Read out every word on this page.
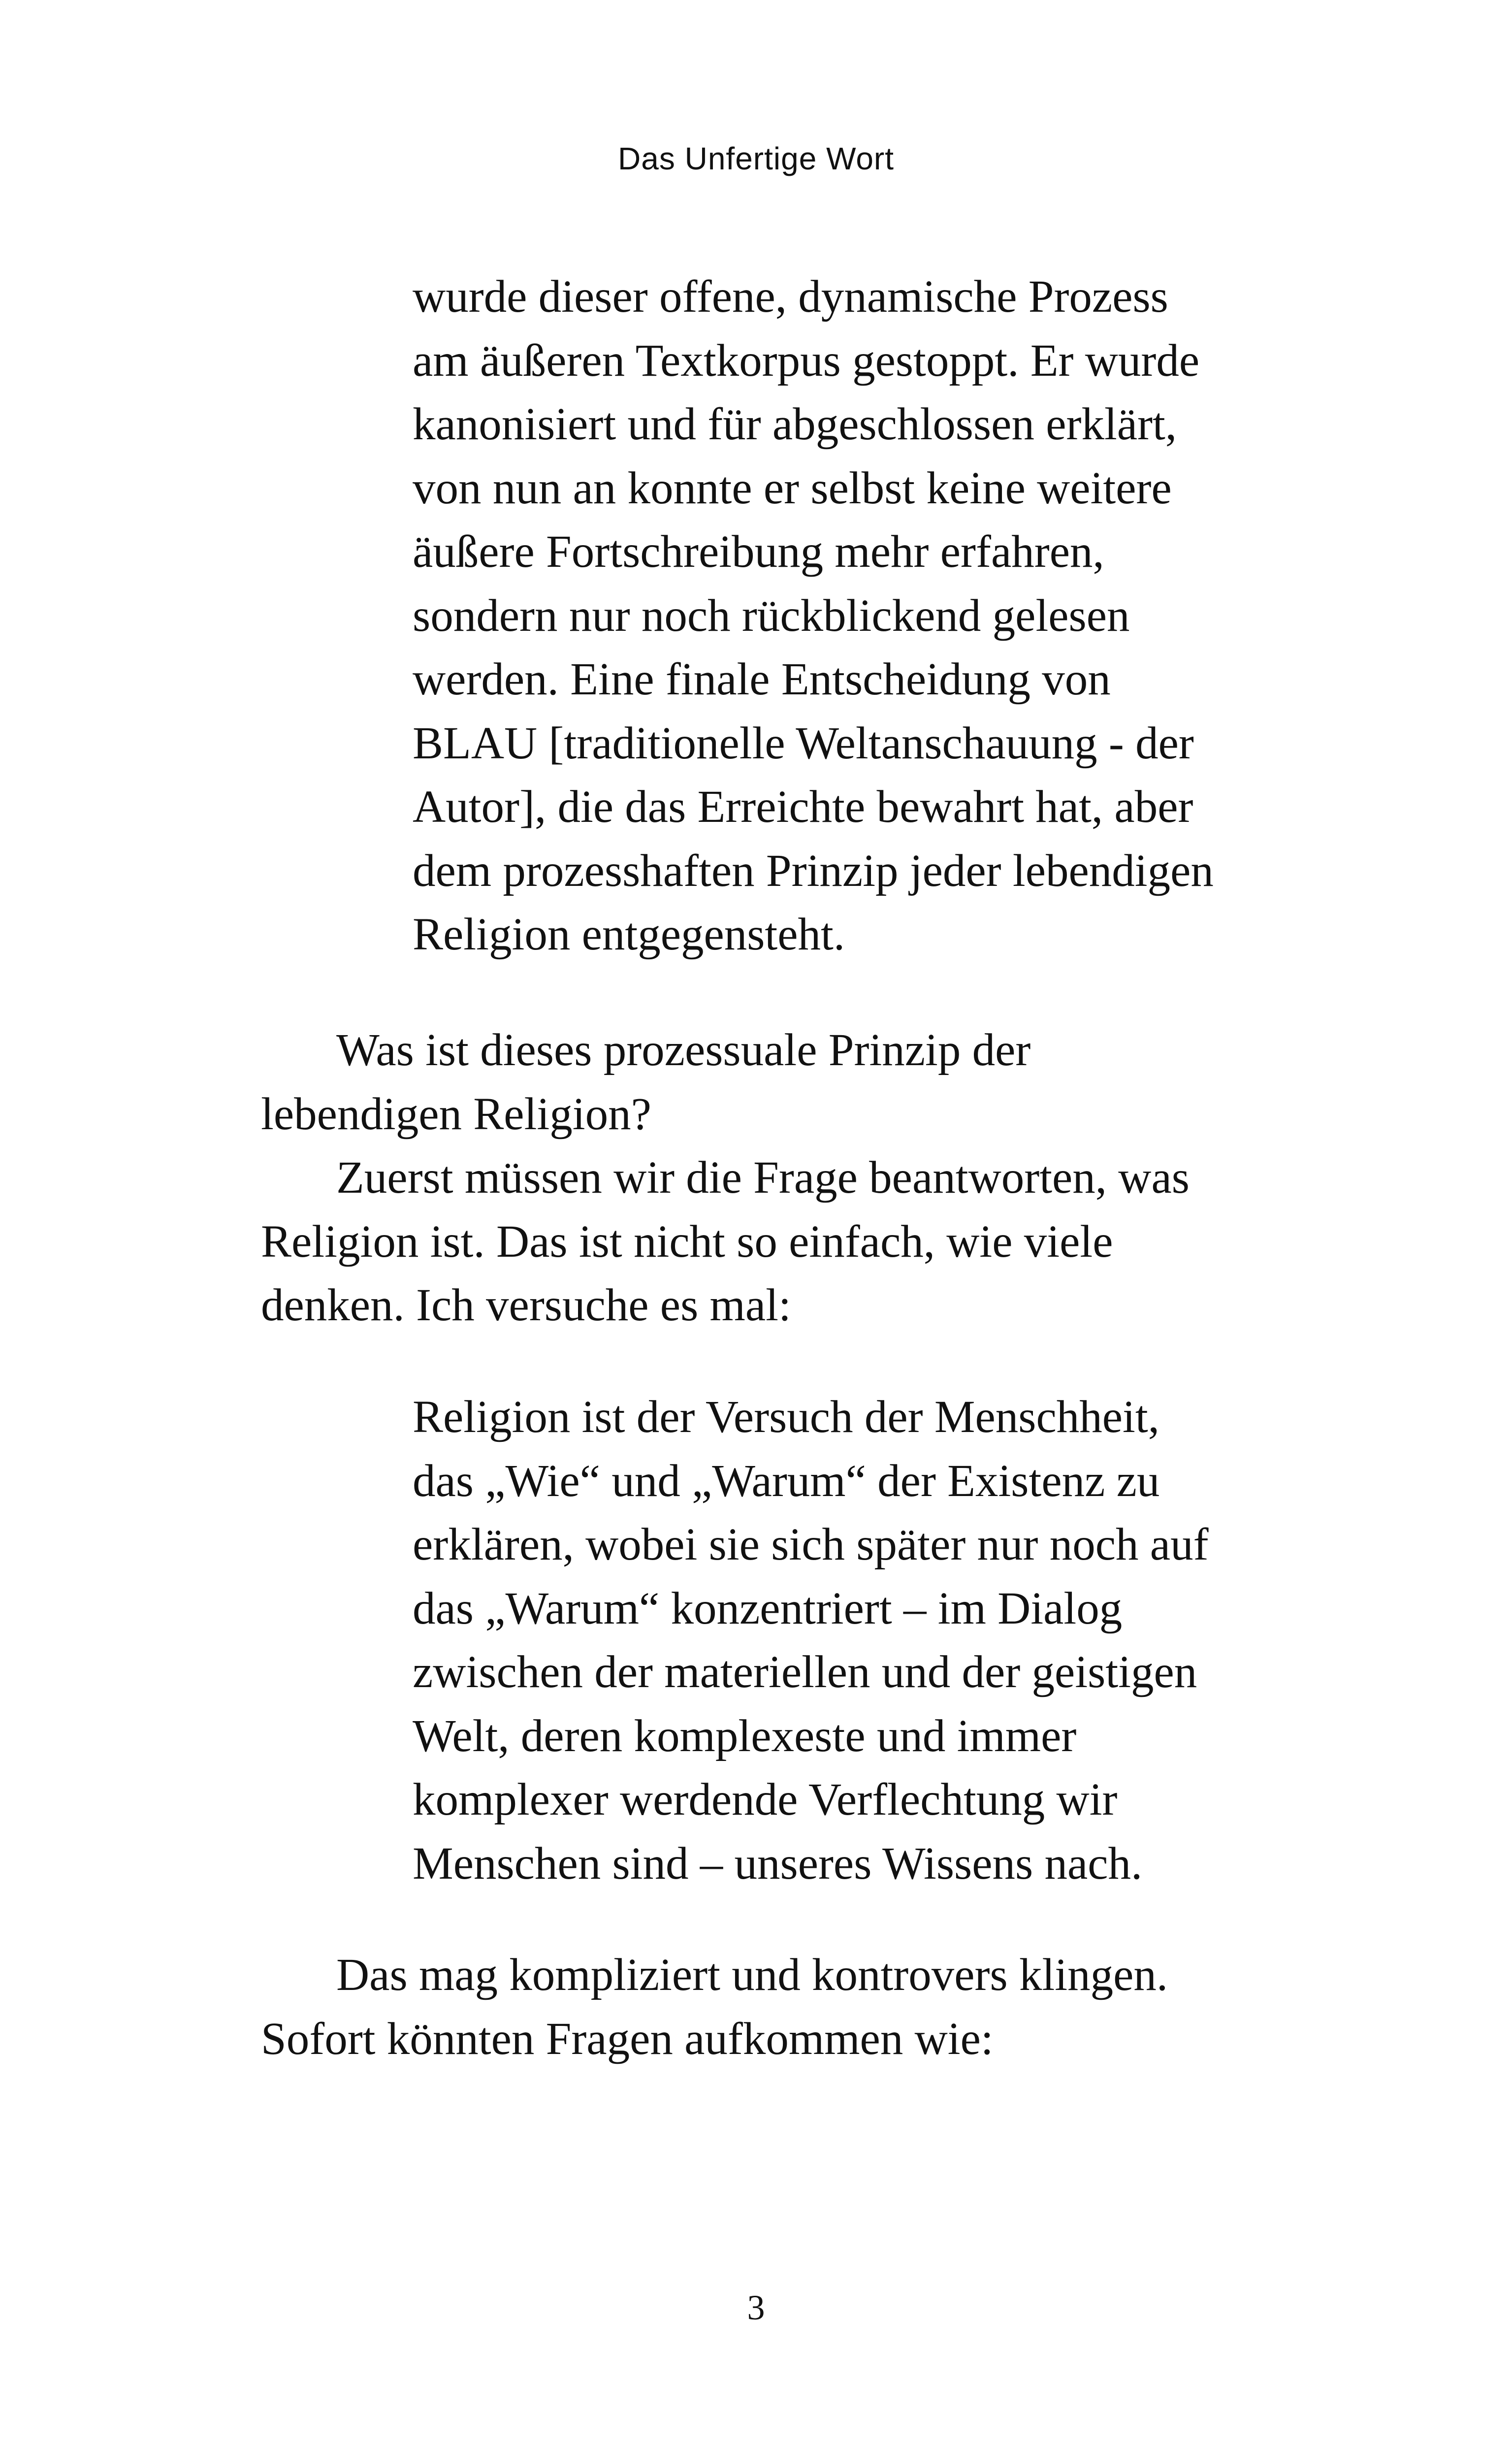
Das Unfertige Wort
wurde dieser offene, dynamische Prozess
am äußeren Textkorpus gestoppt. Er wurde
kanonisiert und für abgeschlossen erklärt,
von nun an konnte er selbst keine weitere
äußere Fortschreibung mehr erfahren,
sondern nur noch rückblickend gelesen
werden. Eine finale Entscheidung von
BLAU [traditionelle Weltanschauung - der
Autor], die das Erreichte bewahrt hat, aber
dem prozesshaften Prinzip jeder lebendigen
Religion entgegensteht.
Was ist dieses prozessuale Prinzip der
lebendigen Religion?
Zuerst müssen wir die Frage beantworten, was
Religion ist. Das ist nicht so einfach, wie viele
denken. Ich versuche es mal:
Religion ist der Versuch der Menschheit,
das „Wie“ und „Warum“ der Existenz zu
erklären, wobei sie sich später nur noch auf
das „Warum“ konzentriert – im Dialog
zwischen der materiellen und der geistigen
Welt, deren komplexeste und immer
komplexer werdende Verflechtung wir
Menschen sind – unseres Wissens nach.
Das mag kompliziert und kontrovers klingen.
Sofort könnten Fragen aufkommen wie:
3
